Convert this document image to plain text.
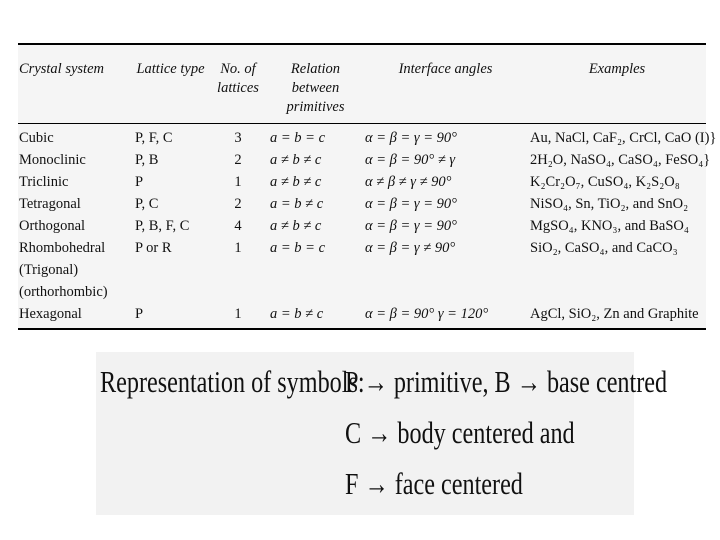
Crystal system	Lattice type	No. of lattices	Relation between primitives	Interface angles	Examples

Cubic	P, F, C	3	a = b = c	α = β = γ = 90°	Au, NaCl, CaF₂, CrCl, CaO (I)}

Monoclinic	P, B	2	a ≠ b ≠ c	α = β = 90° ≠ γ	2H₂O, NaSO₄, CaSO₄, FeSO₄}

Triclinic	P	1	a ≠ b ≠ c	α ≠ β ≠ γ ≠ 90°	K₂Cr₂O₇, CuSO₄, K₂S₂O₈

Tetragonal	P, C	2	a = b ≠ c	α = β = γ = 90°	NiSO₄, Sn, TiO₂, and SnO₂

Orthogonal	P, B, F, C	4	a ≠ b ≠ c	α = β = γ = 90°	MgSO₄, KNO₃, and BaSO₄

Rhombohedral
(Trigonal)
(orthorhombic)	P or R	1	a = b = c	α = β = γ ≠ 90°	SiO₂, CaSO₄, and CaCO₃

Hexagonal	P	1	a = b ≠ c	α = β = 90° γ = 120°	AgCl, SiO₂, Zn and Graphite
Representation of symbols:
P → primitive, B → base centred
C → body centered and
F → face centered
